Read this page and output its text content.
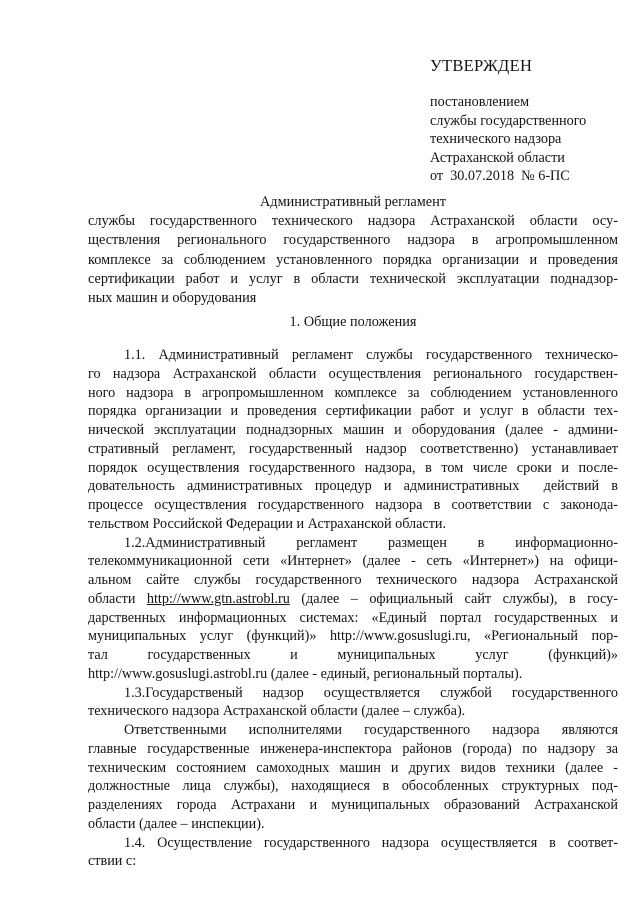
УТВЕРЖДЕН
постановлением
службы государственного
технического надзора
Астраханской области
от  30.07.2018  № 6-ПС
Административный регламент
службы государственного технического надзора Астраханской области осу-
ществления регионального государственного надзора в агропромышленном
комплексе за соблюдением установленного порядка организации и проведения
сертификации работ и услуг в области технической эксплуатации поднадзор-
ных машин и оборудования
1. Общие положения
1.1. Административный регламент службы государственного техническо-
го надзора Астраханской области осуществления регионального государствен-
ного надзора в агропромышленном комплексе за соблюдением установленного
порядка организации и проведения сертификации работ и услуг в области тех-
нической эксплуатации поднадзорных машин и оборудования (далее - админи-
стративный регламент, государственный надзор соответственно) устанавливает
порядок осуществления государственного надзора, в том числе сроки и после-
довательность административных процедур и административных  действий в
процессе осуществления государственного надзора в соответствии с законода-
тельством Российской Федерации и Астраханской области.
1.2.Административный регламент размещен в информационно-
телекоммуникационной сети «Интернет» (далее - сеть «Интернет») на офици-
альном сайте службы государственного технического надзора Астраханской
области http://www.gtn.astrobl.ru (далее – официальный сайт службы), в госу-
дарственных информационных системах: «Единый портал государственных и
муниципальных услуг (функций)» http://www.gosuslugi.ru, «Региональный пор-
тал государственных и муниципальных услуг (функций)»
http://www.gosuslugi.astrobl.ru (далее - единый, региональный порталы).
1.3.Государственый надзор осуществляется службой государственного
технического надзора Астраханской области (далее – служба).
Ответственными исполнителями государственного надзора являются
главные государственные инженера-инспектора районов (города) по надзору за
техническим состоянием самоходных машин и других видов техники (далее -
должностные лица службы), находящиеся в обособленных структурных под-
разделениях города Астрахани и муниципальных образований Астраханской
области (далее – инспекции).
1.4. Осуществление государственного надзора осуществляется в соответ-
ствии с:
